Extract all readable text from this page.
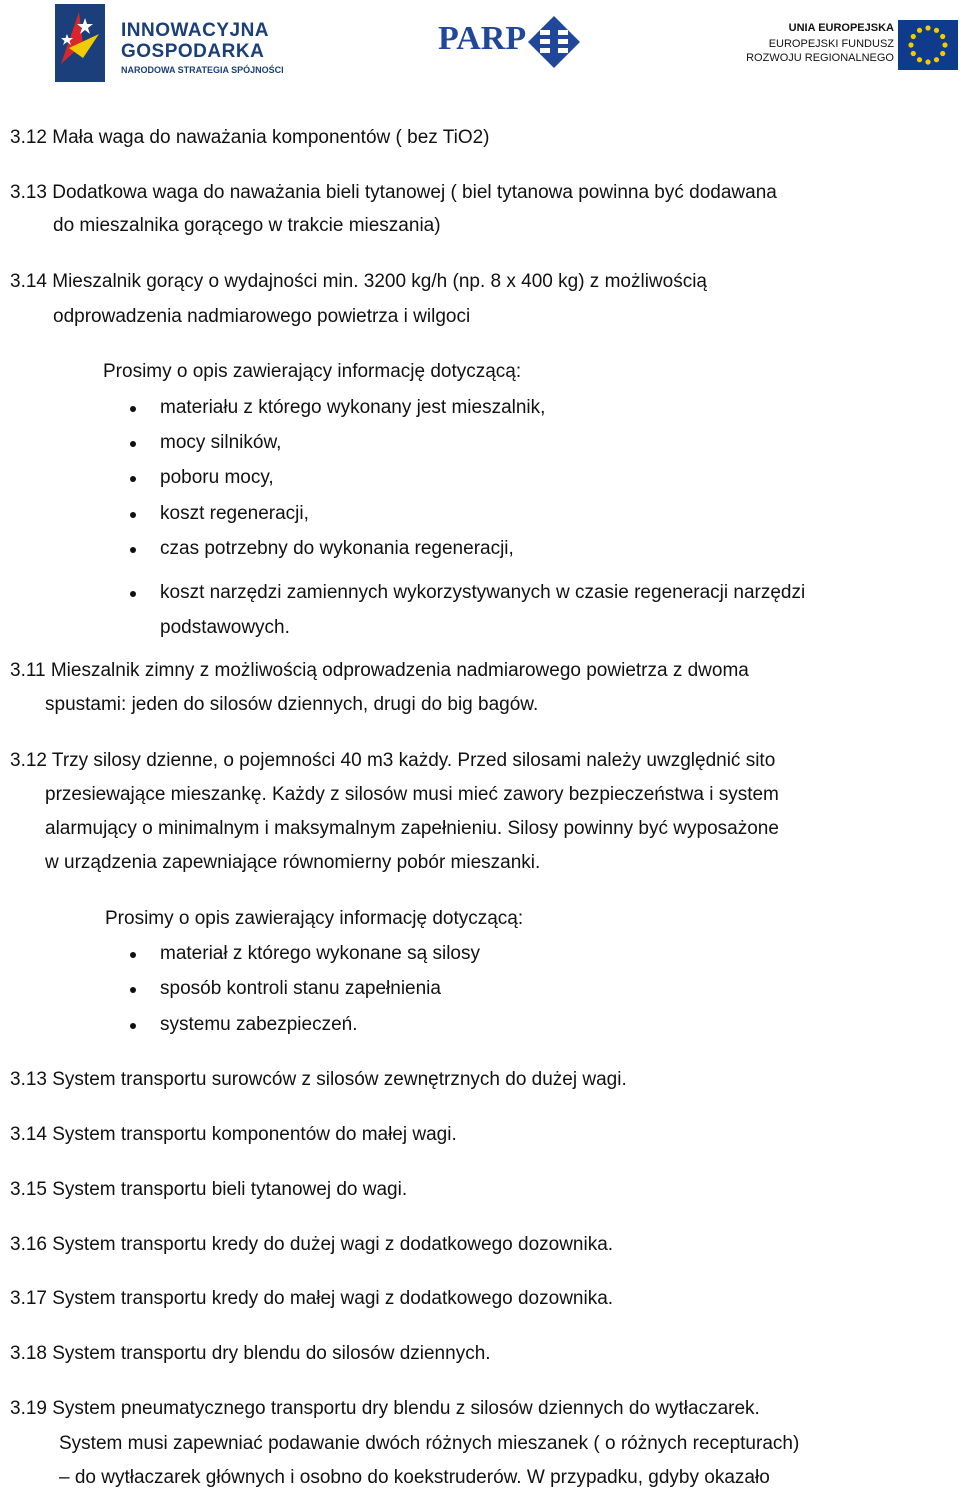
INNOWACYJNA
GOSPODARKA
NARODOWA STRATEGIA SPÓJNOŚCI
PARP	UNIA EUROPEJSKA
EUROPEJSKI FUNDUSZ
ROZWOJU REGIONALNEGO
3.12 Mała waga do naważania komponentów ( bez TiO2)
3.13 Dodatkowa waga do naważania bieli tytanowej ( biel tytanowa powinna być dodawana
do mieszalnika gorącego w trakcie mieszania)
3.14 Mieszalnik gorący o wydajności min. 3200 kg/h (np. 8 x 400 kg) z możliwością
odprowadzenia nadmiarowego powietrza i wilgoci
Prosimy o opis zawierający informację dotyczącą:
materiału z którego wykonany jest mieszalnik,
mocy silników,
poboru mocy,
koszt regeneracji,
czas potrzebny do wykonania regeneracji,
koszt narzędzi zamiennych wykorzystywanych w czasie regeneracji narzędzi
podstawowych.
3.11 Mieszalnik zimny z możliwością odprowadzenia nadmiarowego powietrza z dwoma
spustami: jeden do silosów dziennych, drugi do big bagów.
3.12 Trzy silosy dzienne, o pojemności 40 m3 każdy. Przed silosami należy uwzględnić sito
przesiewające mieszankę. Każdy z silosów musi mieć zawory bezpieczeństwa i system
alarmujący o minimalnym i maksymalnym zapełnieniu. Silosy powinny być wyposażone
w urządzenia zapewniające równomierny pobór mieszanki.
Prosimy o opis zawierający informację dotyczącą:
materiał z którego wykonane są silosy
sposób kontroli stanu zapełnienia
systemu zabezpieczeń.
3.13 System transportu surowców z silosów zewnętrznych do dużej wagi.
3.14 System transportu komponentów do małej wagi.
3.15 System transportu bieli tytanowej do wagi.
3.16 System transportu kredy do dużej wagi z dodatkowego dozownika.
3.17 System transportu kredy do małej wagi z dodatkowego dozownika.
3.18 System transportu dry blendu do silosów dziennych.
3.19 System pneumatycznego transportu dry blendu z silosów dziennych do wytłaczarek.
System musi zapewniać podawanie dwóch różnych mieszanek ( o różnych recepturach)
– do wytłaczarek głównych i osobno do koekstruderów. W przypadku, gdyby okazało
